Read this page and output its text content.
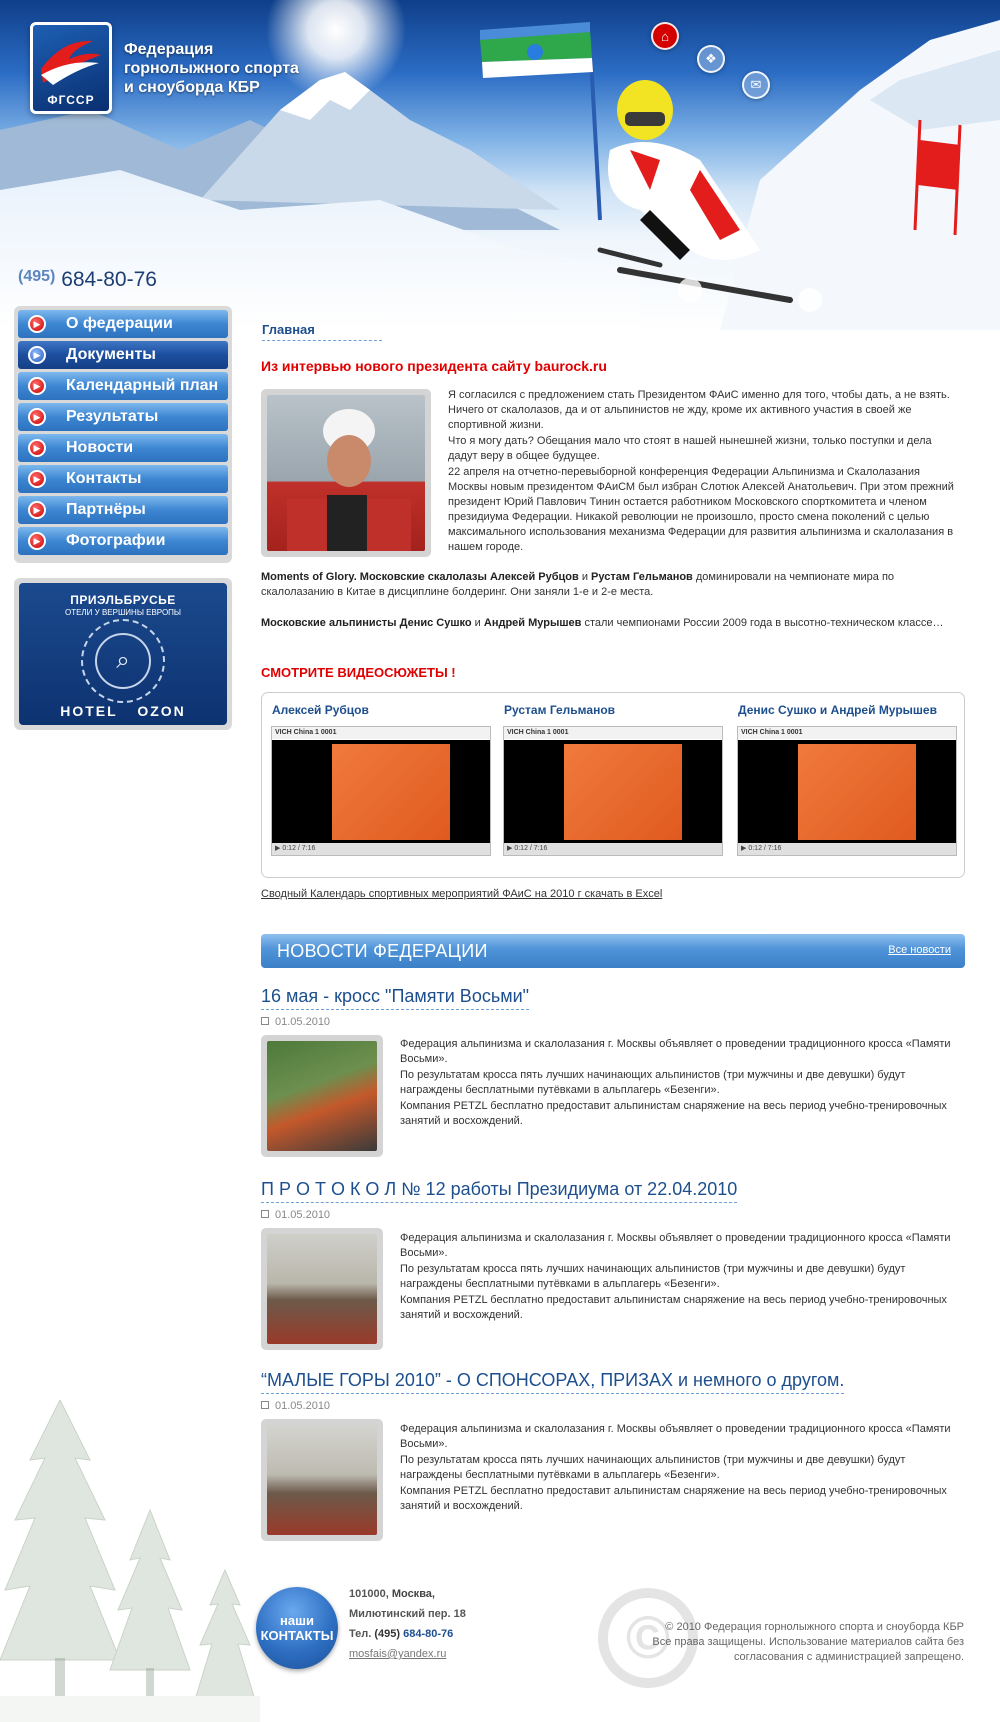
ФГССР
Федерация
горнолыжного спорта
и сноуборда КБР
⌂
❖
✉
$^{(495)}$ 684-80-76
▶	О федерации
▶	Документы
▶	Календарный план
▶	Результаты
▶	Новости
▶	Контакты
▶	Партнёры
▶	Фотографии
ПРИЭЛЬБРУСЬЕ
ОТЕЛИ У ВЕРШИНЫ ЕВРОПЫ
⌕
HOTEL OZON
Главная
Из интервью нового президента сайту baurock.ru

Я согласился с предложением стать Президентом ФАиС именно для того, чтобы дать, а не взять. Ничего от скалолазов, да и от альпинистов не жду, кроме их активного участия в своей же спортивной жизни.

Что я могу дать? Обещания мало что стоят в нашей нынешней жизни, только поступки и дела дадут веру в общее будущее.

22 апреля на отчетно-перевыборной конференция Федерации Альпинизма и Скалолазания Москвы новым президентом ФАиСМ был избран Слотюк Алексей Анатольевич. При этом прежний президент Юрий Павлович Тинин остается работником Московского спорткомитета и членом президиума Федерации. Никакой революции не произошло, просто смена поколений с целью максимального использования механизма Федерации для развития альпинизма и скалолазания в нашем городе.

Moments of Glory. Московские скалолазы Алексей Рубцов и Рустам Гельманов доминировали на чемпионате мира по скалолазанию в Китае в дисциплине болдеринг. Они заняли 1-е и 2-е места.
Московские альпинисты Денис Сушко и Андрей Мурышев стали чемпионами России 2009 года в высотно-техническом классе…
СМОТРИТЕ ВИДЕОСЮЖЕТЫ !
Алексей Рубцов
VICH China 1 0001
▶ 0:12 / 7:16
Рустам Гельманов
VICH China 1 0001
▶ 0:12 / 7:16
Денис Сушко и Андрей Мурышев
VICH China 1 0001
▶ 0:12 / 7:16
Сводный Календарь спортивных мероприятий ФАиС на 2010 г скачать в Excel
НОВОСТИ ФЕДЕРАЦИИ	Все новости
16 мая - кросс "Памяти Восьми"
01.05.2010

Федерация альпинизма и скалолазания г. Москвы объявляет о проведении традиционного кросса «Памяти Восьми».

По результатам кросса пять лучших начинающих альпинистов (три мужчины и две девушки) будут награждены бесплатными путёвками в альплагерь «Безенги».

Компания PETZL бесплатно предоставит альпинистам снаряжение на весь период учебно-тренировочных занятий и восхождений.

П Р О Т О К О Л № 12 работы Президиума от 22.04.2010
01.05.2010

Федерация альпинизма и скалолазания г. Москвы объявляет о проведении традиционного кросса «Памяти Восьми».

По результатам кросса пять лучших начинающих альпинистов (три мужчины и две девушки) будут награждены бесплатными путёвками в альплагерь «Безенги».

Компания PETZL бесплатно предоставит альпинистам снаряжение на весь период учебно-тренировочных занятий и восхождений.

“МАЛЫЕ ГОРЫ 2010” - О СПОНСОРАХ, ПРИЗАХ и немного о другом.
01.05.2010

Федерация альпинизма и скалолазания г. Москвы объявляет о проведении традиционного кросса «Памяти Восьми».

По результатам кросса пять лучших начинающих альпинистов (три мужчины и две девушки) будут награждены бесплатными путёвками в альплагерь «Безенги».

Компания PETZL бесплатно предоставит альпинистам снаряжение на весь период учебно-тренировочных занятий и восхождений.

©
наши
КОНТАКТЫ
101000, Москва,
Милютинский пер. 18
Тел. (495) 684-80-76
mosfais@yandex.ru
© 2010 Федерация горнолыжного спорта и сноуборда КБР
Все права защищены. Использование материалов сайта без
согласования с администрацией запрещено.
